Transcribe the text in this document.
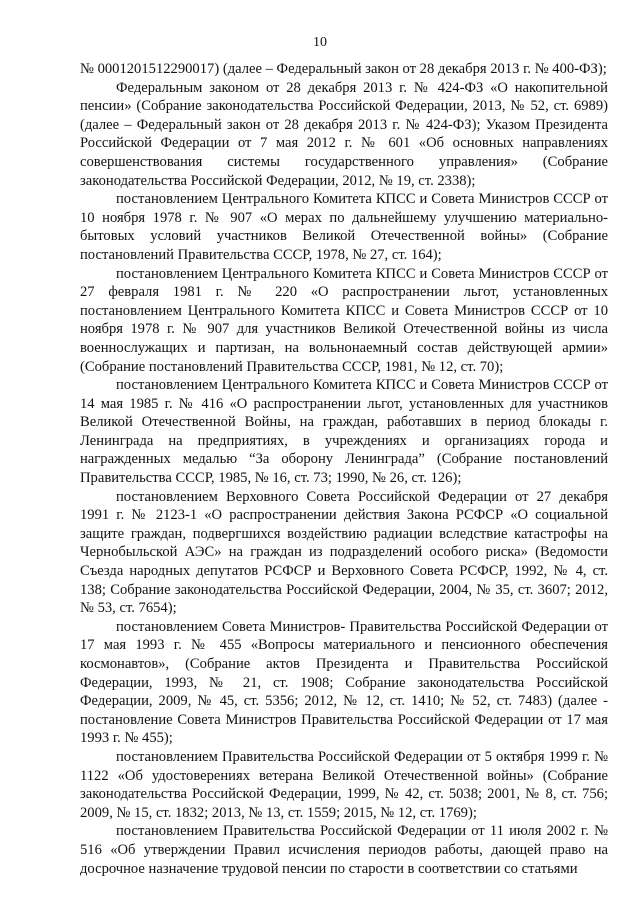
10

№ 0001201512290017) (далее – Федеральный закон от 28 декабря 2013 г. № 400-ФЗ);

Федеральным законом от 28 декабря 2013 г. № 424-ФЗ «О накопительной пенсии» (Собрание законодательства Российской Федерации, 2013, № 52, ст. 6989) (далее – Федеральный закон от 28 декабря 2013 г. № 424-ФЗ); Указом Президента Российской Федерации от 7 мая 2012 г. № 601 «Об основных направлениях совершенствования системы государственного управления» (Собрание законодательства Российской Федерации, 2012, № 19, ст. 2338);

постановлением Центрального Комитета КПСС и Совета Министров СССР от 10 ноября 1978 г. № 907 «О мерах по дальнейшему улучшению материально-бытовых условий участников Великой Отечественной войны» (Собрание постановлений Правительства СССР, 1978, № 27, ст. 164);

постановлением Центрального Комитета КПСС и Совета Министров СССР от 27 февраля 1981 г. № 220 «О распространении льгот, установленных постановлением Центрального Комитета КПСС и Совета Министров СССР от 10 ноября 1978 г. № 907 для участников Великой Отечественной войны из числа военнослужащих и партизан, на вольнонаемный состав действующей армии» (Собрание постановлений Правительства СССР, 1981, № 12, ст. 70);

постановлением Центрального Комитета КПСС и Совета Министров СССР от 14 мая 1985 г. № 416 «О распространении льгот, установленных для участников Великой Отечественной Войны, на граждан, работавших в период блокады г. Ленинграда на предприятиях, в учреждениях и организациях города и награжденных медалью “За оборону Ленинграда” (Собрание постановлений Правительства СССР, 1985, № 16, ст. 73; 1990, № 26, ст. 126);

постановлением Верховного Совета Российской Федерации от 27 декабря 1991 г. № 2123-1 «О распространении действия Закона РСФСР «О социальной защите граждан, подвергшихся воздействию радиации вследствие катастрофы на Чернобыльской АЭС» на граждан из подразделений особого риска» (Ведомости Съезда народных депутатов РСФСР и Верховного Совета РСФСР, 1992, № 4, ст. 138; Собрание законодательства Российской Федерации, 2004, № 35, ст. 3607; 2012, № 53, ст. 7654);

постановлением Совета Министров- Правительства Российской Федерации от 17 мая 1993 г. № 455 «Вопросы материального и пенсионного обеспечения космонавтов», (Собрание актов Президента и Правительства Российской Федерации, 1993, № 21, ст. 1908; Собрание законодательства Российской Федерации, 2009, № 45, ст. 5356; 2012, № 12, ст. 1410; № 52, ст. 7483) (далее - постановление Совета Министров Правительства Российской Федерации от 17 мая 1993 г. № 455);

постановлением Правительства Российской Федерации от 5 октября 1999 г. № 1122 «Об удостоверениях ветерана Великой Отечественной войны» (Собрание законодательства Российской Федерации, 1999, № 42, ст. 5038; 2001, № 8, ст. 756; 2009, № 15, ст. 1832; 2013, № 13, ст. 1559; 2015, № 12, ст. 1769);

постановлением Правительства Российской Федерации от 11 июля 2002 г. № 516 «Об утверждении Правил исчисления периодов работы, дающей право на досрочное назначение трудовой пенсии по старости в соответствии со статьями
